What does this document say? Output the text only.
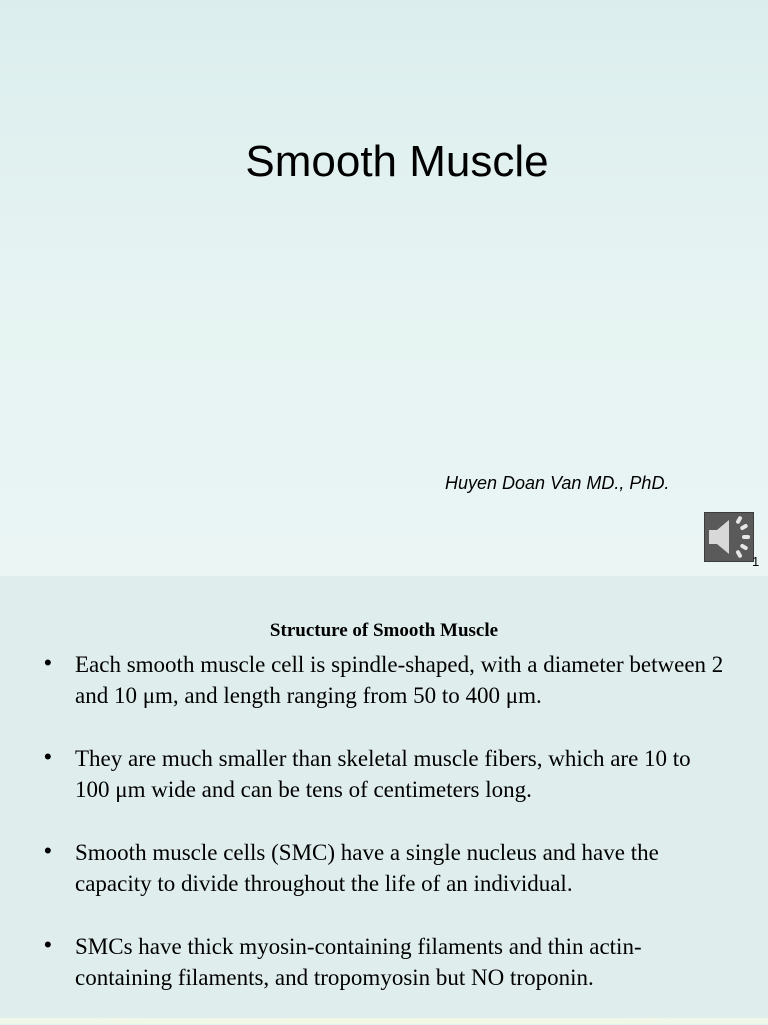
Smooth Muscle
Huyen Doan Van MD., PhD.
1
Structure of Smooth Muscle
• Each smooth muscle cell is spindle-shaped, with a diameter between 2 and 10 μm, and length ranging from 50 to 400 μm.
• They are much smaller than skeletal muscle fibers, which are 10 to 100 μm wide and can be tens of centimeters long.
• Smooth muscle cells (SMC) have a single nucleus and have the capacity to divide throughout the life of an individual.
• SMCs have thick myosin-containing filaments and thin actin-containing filaments, and tropomyosin but NO troponin.
